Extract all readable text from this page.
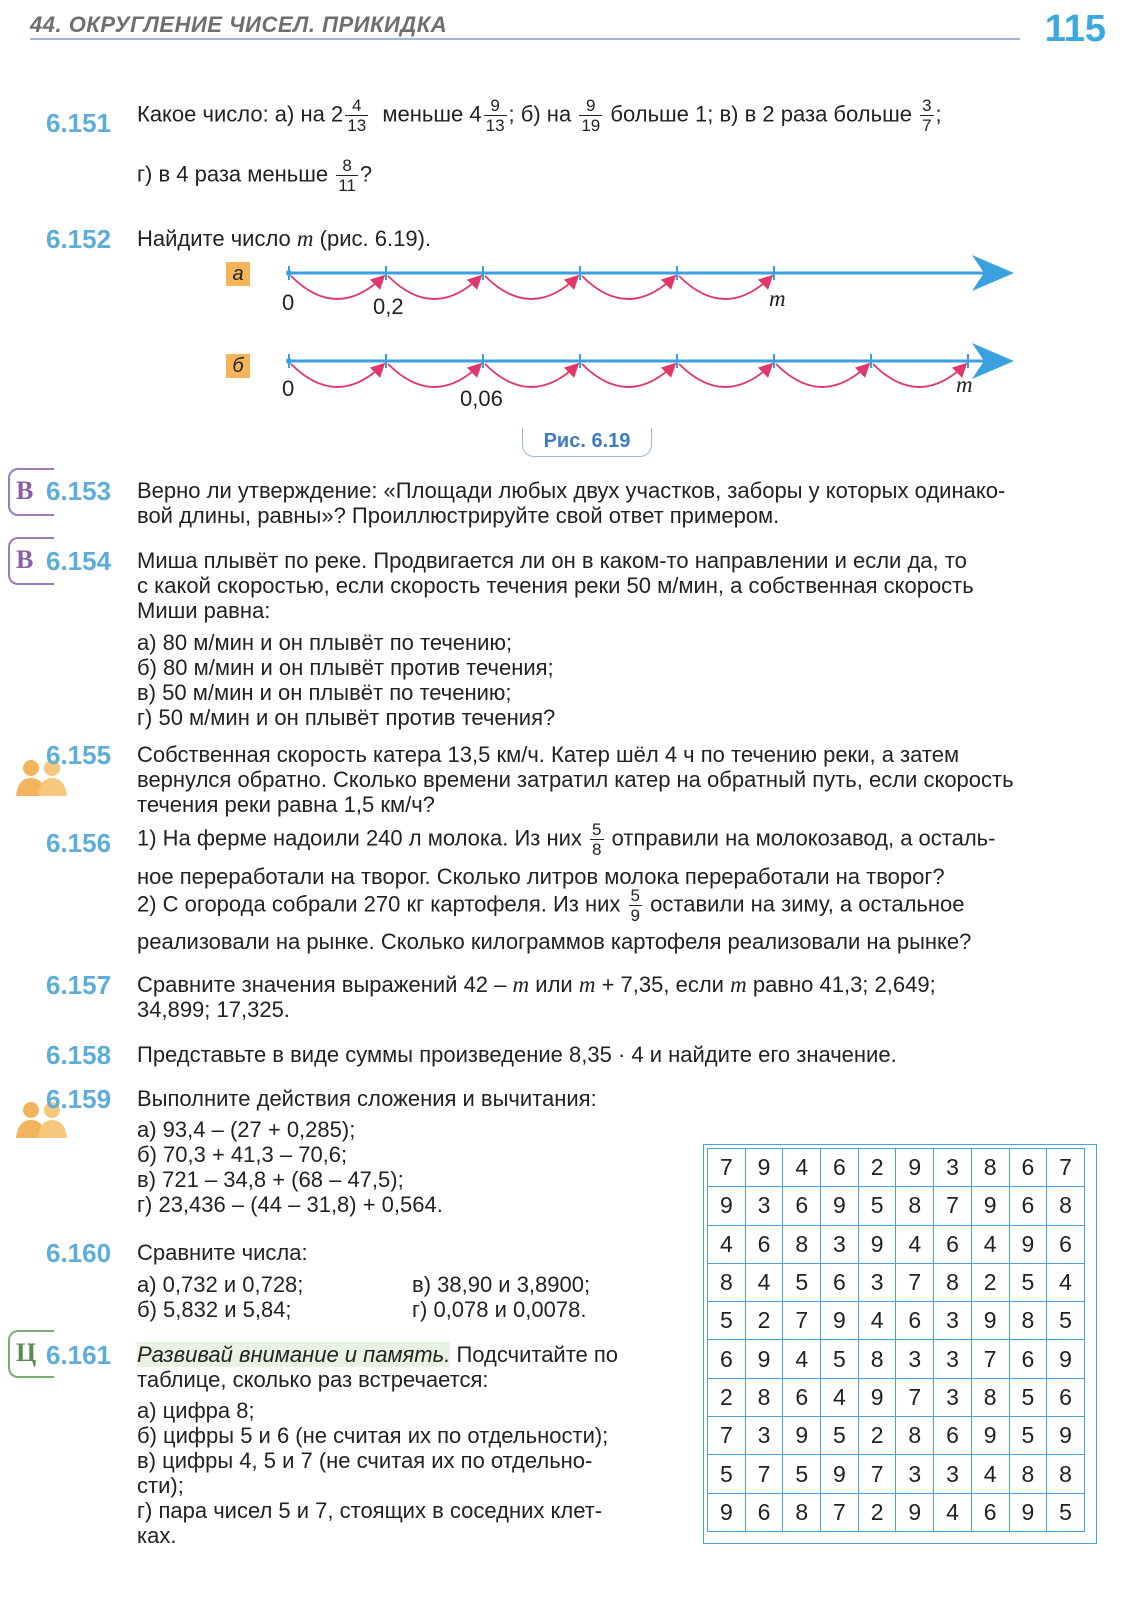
44. ОКРУГЛЕНИЕ ЧИСЕЛ. ПРИКИДКА	115
6.151 Какое число: а) на $2 \frac{4}{13}$ меньше $4 \frac{9}{13}$ ; б) на $\frac{9}{19}$ больше 1; в) в 2 раза больше $\frac{3}{7}$ ;
г) в 4 раза меньше $\frac{8}{11}$ ?
6.152 Найдите число m (рис. 6.19).
а
б
0	0,2	m
0	0,06
m
Рис. 6.19
В 6.153 Верно ли утверждение: «Площади любых двух участков, заборы у которых одинако-
вой длины, равны»? Проиллюстрируйте свой ответ примером.
В 6.154 Миша плывёт по реке. Продвигается ли он в каком-то направлении и если да, то
с какой скоростью, если скорость течения реки 50 м/мин, а собственная скорость
Миши равна:
а) 80 м/мин и он плывёт по течению;
б) 80 м/мин и он плывёт против течения;
в) 50 м/мин и он плывёт по течению;
г) 50 м/мин и он плывёт против течения?
6.155 Собственная скорость катера 13,5 км/ч. Катер шёл 4 ч по течению реки, а затем
вернулся обратно. Сколько времени затратил катер на обратный путь, если скорость
течения реки равна 1,5 км/ч?
6.156 1) На ферме надоили 240 л молока. Из них $\frac{5}{8}$ отправили на молокозавод, а осталь-
ное переработали на творог. Сколько литров молока переработали на творог?
2) С огорода собрали 270 кг картофеля. Из них $\frac{5}{9}$ оставили на зиму, а остальное
реализовали на рынке. Сколько килограммов картофеля реализовали на рынке?
6.157 Сравните значения выражений 42 – m или m + 7,35, если m равно 41,3; 2,649;
34,899; 17,325.
6.158 Представьте в виде суммы произведение 8,35 · 4 и найдите его значение.
6.159 Выполните действия сложения и вычитания:
а) 93,4 – (27 + 0,285);
б) 70,3 + 41,3 – 70,6;
в) 721 – 34,8 + (68 – 47,5);
г) 23,436 – (44 – 31,8) + 0,564.
6.160 Сравните числа:
а) 0,732 и 0,728;
б) 5,832 и 5,84;
в) 38,90 и 3,8900;
г) 0,078 и 0,0078.
Ц 6.161 Развивай внимание и память. Подсчитайте по
таблице, сколько раз встречается:
а) цифра 8;
б) цифры 5 и 6 (не считая их по отдельности);
в) цифры 4, 5 и 7 (не считая их по отдельно-
сти);
г) пара чисел 5 и 7, стоящих в соседних клет-
ках.
7	9	4	6	2	9	3	8	6	7
9	3	6	9	5	8	7	9	6	8
4	6	8	3	9	4	6	4	9	6
8	4	5	6	3	7	8	2	5	4
5	2	7	9	4	6	3	9	8	5
6	9	4	5	8	3	3	7	6	9
2	8	6	4	9	7	3	8	5	6
7	3	9	5	2	8	6	9	5	9
5	7	5	9	7	3	3	4	8	8
9	6	8	7	2	9	4	6	9	5
